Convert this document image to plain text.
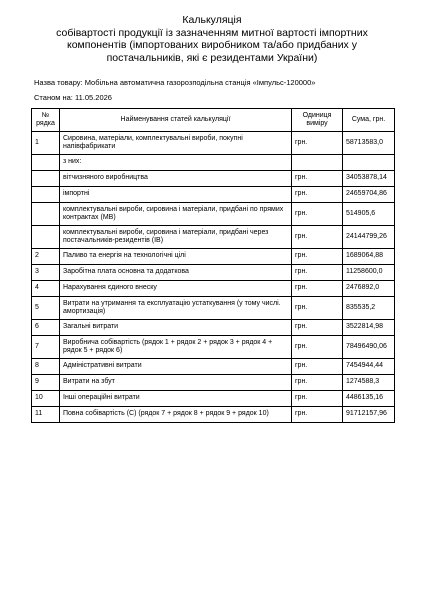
Калькуляція
собівартості продукції із зазначенням митної вартості імпортних
компонентів (імпортованих виробником та/або придбаних у
постачальників, які є резидентами України)
Назва товару: Мобільна автоматична газорозподільна станція «Імпульс-120000»
Станом на: 11.05.2026
№ рядка	Найменування статей калькуляції	Одиниця виміру	Сума, грн.
1	Сировина, матеріали, комплектувальні вироби, покупні напівфабрикати	грн.	58713583,0
	з них:		
	вітчизняного виробництва	грн.	34053878,14
	імпортні	грн.	24659704,86
	комплектувальні вироби, сировина і матеріали, придбані по прямих контрактах (МВ)	грн.	514905,6
	комплектувальні вироби, сировина і матеріали, придбані через постачальників-резидентів (ІВ)	грн.	24144799,26
2	Паливо та енергія на технологічні цілі	грн.	1689064,88
3	Заробітна плата основна та додаткова	грн.	11258600,0
4	Нарахування єдиного внеску	грн.	2476892,0
5	Витрати на утримання та експлуатацію устаткування (у тому числі. амортизація)	грн.	835535,2
6	Загальні витрати	грн.	3522814,98
7	Виробнича собівартість (рядок 1 + рядок 2 + рядок 3 + рядок 4 + рядок 5 + рядок 6)	грн.	78496490,06
8	Адміністративні витрати	грн.	7454944,44
9	Витрати на збут	грн.	1274588,3
10	Інші операційні витрати	грн.	4486135,16
11	Повна собівартість (С) (рядок 7 + рядок 8 + рядок 9 + рядок 10)	грн.	91712157,96
